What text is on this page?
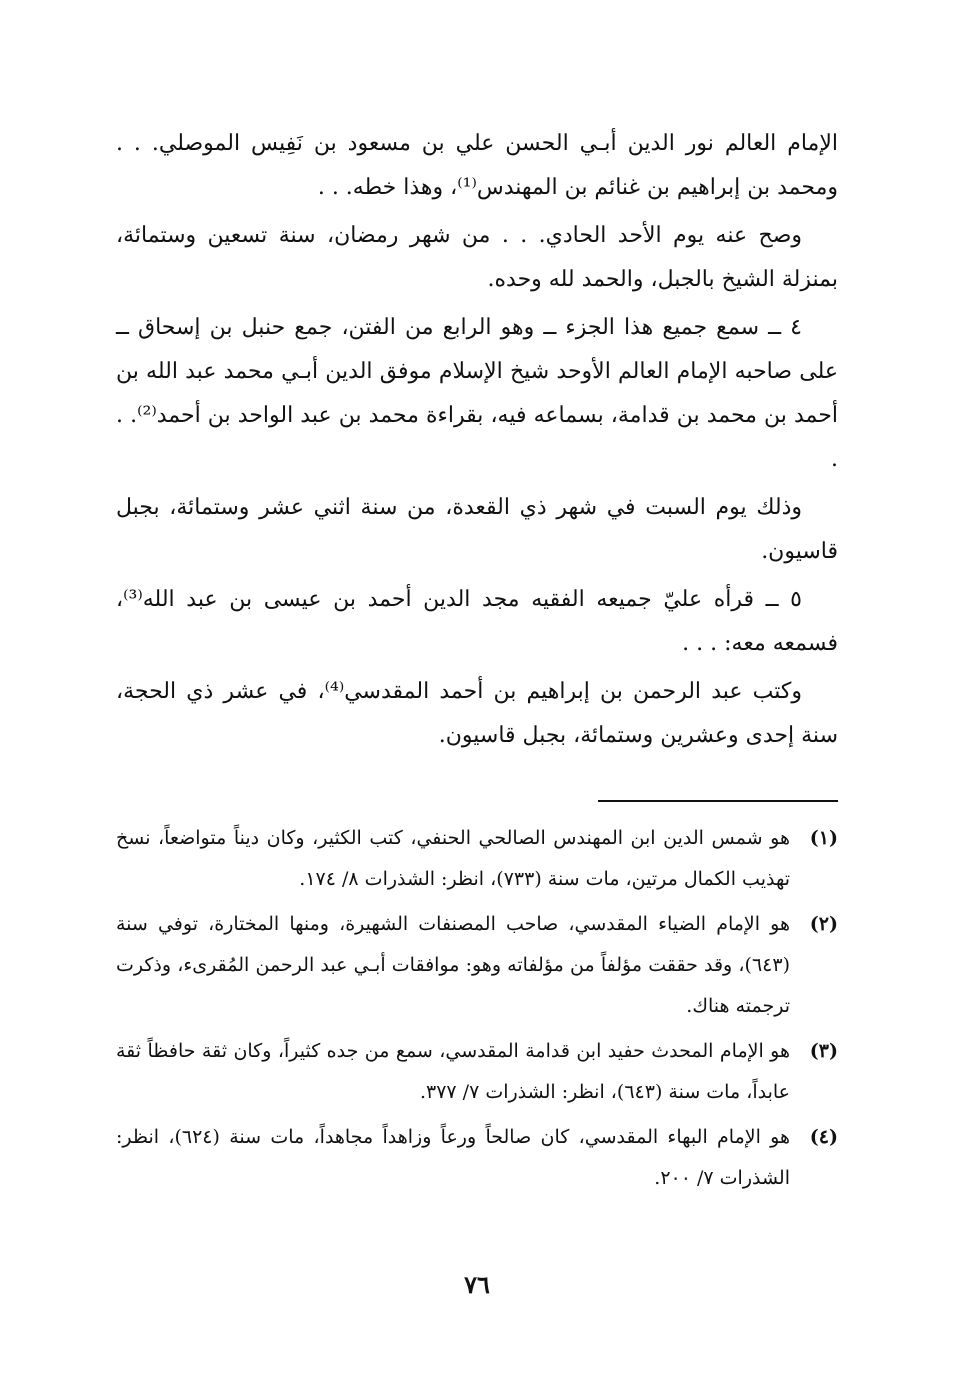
الإمام العالم نور الدين أبـي الحسن علي بن مسعود بن نَفِيس الموصلي. . . ومحمد بن إبراهيم بن غنائم بن المهندس⁽¹⁾، وهذا خطه. . .

وصح عنه يوم الأحد الحادي. . . من شهر رمضان، سنة تسعين وستمائة، بمنزلة الشيخ بالجبل، والحمد لله وحده.

٤ ــ سمع جميع هذا الجزء ــ وهو الرابع من الفتن، جمع حنبل بن إسحاق ــ على صاحبه الإمام العالم الأوحد شيخ الإسلام موفق الدين أبـي محمد عبد الله بن أحمد بن محمد بن قدامة، بسماعه فيه، بقراءة محمد بن عبد الواحد بن أحمد⁽²⁾. . .

وذلك يوم السبت في شهر ذي القعدة، من سنة اثني عشر وستمائة، بجبل قاسيون.

٥ ــ قرأه عليّ جميعه الفقيه مجد الدين أحمد بن عيسى بن عبد الله⁽³⁾، فسمعه معه: . . .

وكتب عبد الرحمن بن إبراهيم بن أحمد المقدسي⁽⁴⁾، في عشر ذي الحجة، سنة إحدى وعشرين وستمائة، بجبل قاسيون.

(١)
هو شمس الدين ابن المهندس الصالحي الحنفي، كتب الكثير، وكان ديناً متواضعاً، نسخ تهذيب الكمال مرتين، مات سنة (٧٣٣)، انظر: الشذرات ٨/ ١٧٤.
(٢)
هو الإمام الضياء المقدسي، صاحب المصنفات الشهيرة، ومنها المختارة، توفي سنة (٦٤٣)، وقد حققت مؤلفاً من مؤلفاته وهو: موافقات أبـي عبد الرحمن المُقرىء، وذكرت ترجمته هناك.
(٣)
هو الإمام المحدث حفيد ابن قدامة المقدسي، سمع من جده كثيراً، وكان ثقة حافظاً ثقة عابداً، مات سنة (٦٤٣)، انظر: الشذرات ٧/ ٣٧٧.
(٤)
هو الإمام البهاء المقدسي، كان صالحاً ورعاً وزاهداً مجاهداً، مات سنة (٦٢٤)، انظر: الشذرات ٧/ ٢٠٠.
٧٦
